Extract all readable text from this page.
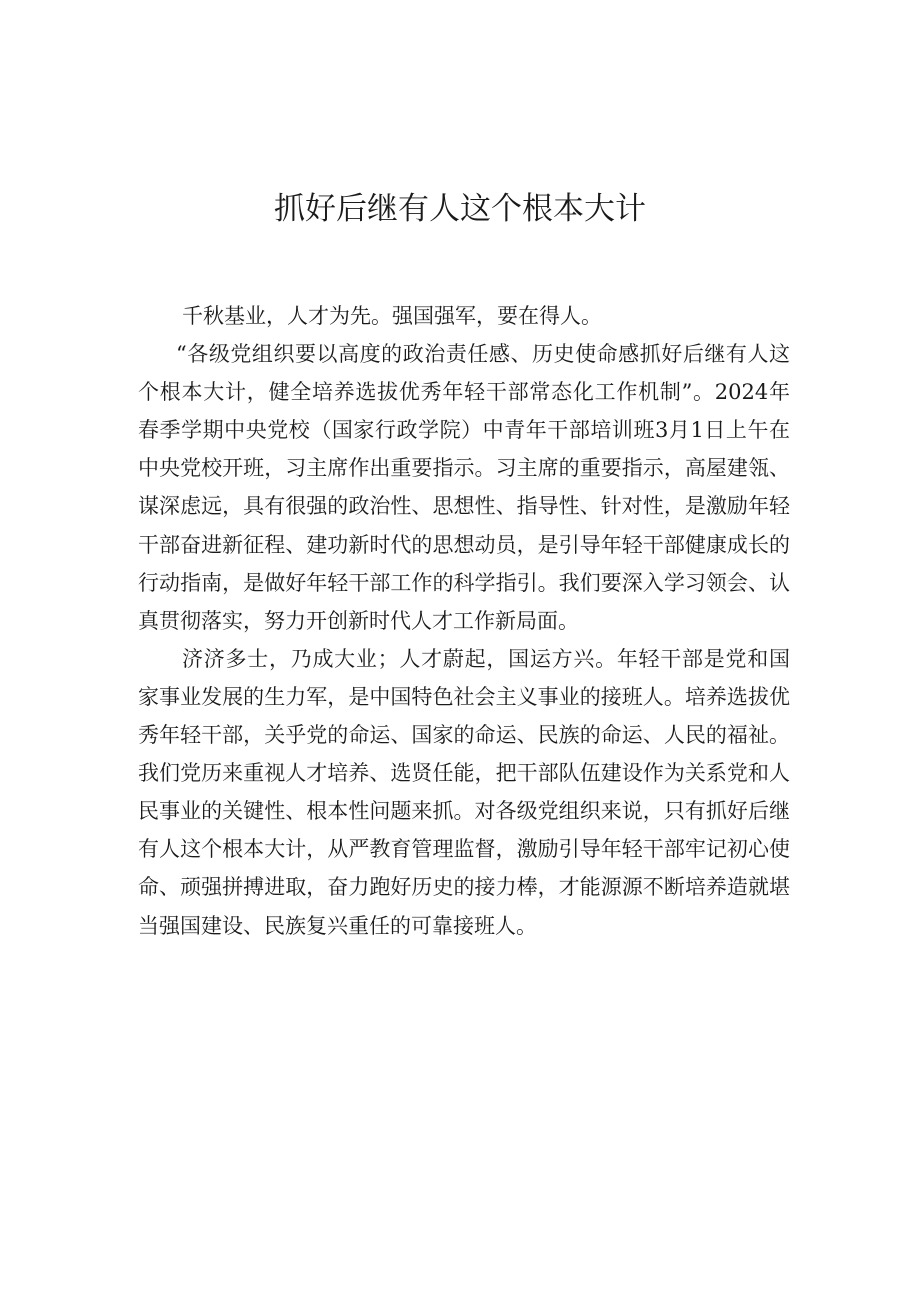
抓好后继有人这个根本大计

千秋基业，人才为先。强国强军，要在得人。

“各级党组织要以高度的政治责任感、历史使命感抓好后继有人这个根本大计，健全培养选拔优秀年轻干部常态化工作机制”。2024年春季学期中央党校（国家行政学院）中青年干部培训班3月1日上午在中央党校开班，习主席作出重要指示。习主席的重要指示，高屋建瓴、谋深虑远，具有很强的政治性、思想性、指导性、针对性，是激励年轻干部奋进新征程、建功新时代的思想动员，是引导年轻干部健康成长的行动指南，是做好年轻干部工作的科学指引。我们要深入学习领会、认真贯彻落实，努力开创新时代人才工作新局面。

济济多士，乃成大业；人才蔚起，国运方兴。年轻干部是党和国家事业发展的生力军，是中国特色社会主义事业的接班人。培养选拔优秀年轻干部，关乎党的命运、国家的命运、民族的命运、人民的福祉。我们党历来重视人才培养、选贤任能，把干部队伍建设作为关系党和人民事业的关键性、根本性问题来抓。对各级党组织来说，只有抓好后继有人这个根本大计，从严教育管理监督，激励引导年轻干部牢记初心使命、顽强拼搏进取，奋力跑好历史的接力棒，才能源源不断培养造就堪当强国建设、民族复兴重任的可靠接班人。
